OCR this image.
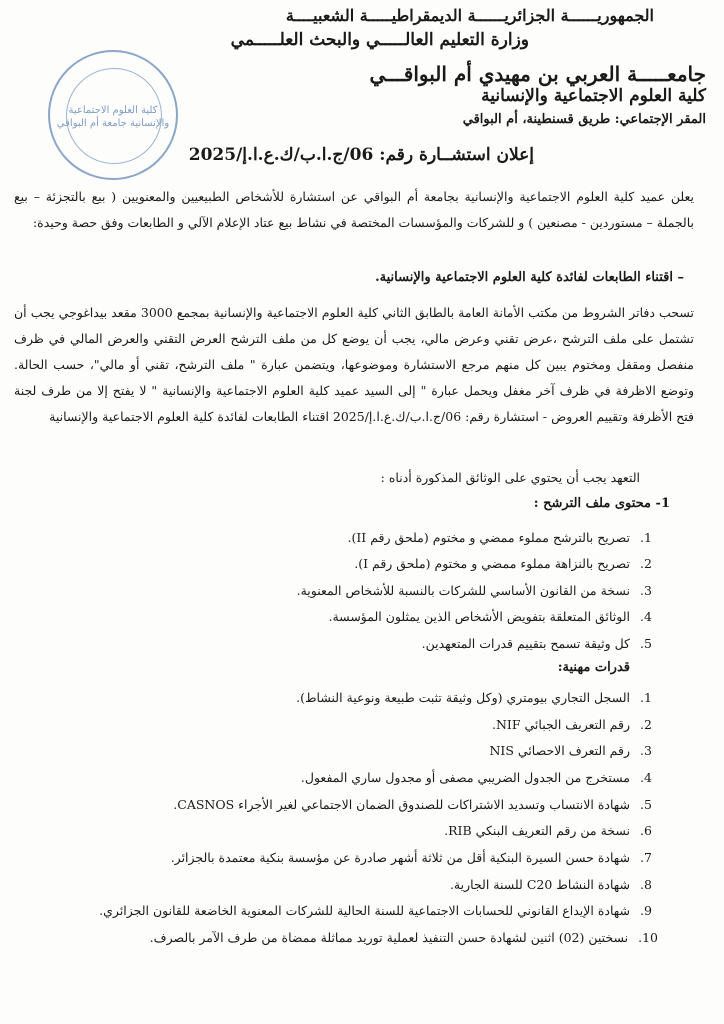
الجمهوريــــــة الجزائريــــــة الديمقراطيـــــة الشعبيــــة
وزارة التعليم العالـــــي والبحث العلـــــمي
جامعـــــة العربي بن مهيدي أم البواقـــي
كلية العلوم الاجتماعية والإنسانية
المقر الإجتماعي: طريق قسنطينة، أم البواقي
كلية العلوم الاجتماعية والإنسانية جامعة أم البواقي
إعلان استشــارة رقم: 06/ج.ا.ب/ك.ع.ا.إ/2025
يعلن عميد كلية العلوم الاجتماعية والإنسانية بجامعة أم البواقي عن استشارة للأشخاص الطبيعيين والمعنويين ( بيع بالتجزئة – بيع بالجملة – مستوردين - مصنعين ) و للشركات والمؤسسات المختصة في نشاط بيع عتاد الإعلام الآلي و الطابعات وفق حصة وحيدة:
– اقتناء الطابعات لفائدة كلية العلوم الاجتماعية والإنسانية.
تسحب دفاتر الشروط من مكتب الأمانة العامة بالطابق الثاني كلية العلوم الاجتماعية والإنسانية بمجمع 3000 مقعد بيداغوجي يجب أن تشتمل على ملف الترشح ،عرض تقني وعرض مالي، يجب أن يوضع كل من ملف الترشح العرض التقني والعرض المالي في ظرف منفصل ومقفل ومختوم يبين كل منهم مرجع الاستشارة وموضوعها، ويتضمن عبارة " ملف الترشح، تقني أو مالي"، حسب الحالة. وتوضع الاظرفة في ظرف آخر مغفل ويحمل عبارة " إلى السيد عميد كلية العلوم الاجتماعية والإنسانية " لا يفتح إلا من طرف لجنة فتح الأظرفة وتقييم العروض - استشارة رقم: 06/ج.ا.ب/ك.ع.ا.إ/2025 اقتناء الطابعات لفائدة كلية العلوم الاجتماعية والإنسانية
التعهد يجب أن يحتوي على الوثائق المذكورة أدناه :
1- محتوى ملف الترشح :
1.
تصريح بالترشح مملوء ممضي و مختوم (ملحق رقم II).
2.
تصريح بالنزاهة مملوء ممضي و مختوم (ملحق رقم I).
3.
نسخة من القانون الأساسي للشركات بالنسبة للأشخاص المعنوية.
4.
الوثائق المتعلقة بتفويض الأشخاص الذين يمثلون المؤسسة.
5.
كل وثيقة تسمح بتقييم قدرات المتعهدين.
قدرات مهنية:
1.
السجل التجاري بيومتري (وكل وثيقة تثبت طبيعة ونوعية النشاط).
2.
رقم التعريف الجبائي NIF.
3.
رقم التعرف الاحصائي NIS
4.
مستخرج من الجدول الضريبي مصفى أو مجدول ساري المفعول.
5.
شهادة الانتساب وتسديد الاشتراكات للصندوق الضمان الاجتماعي لغير الأجراء CASNOS.
6.
نسخة من رقم التعريف البنكي RIB.
7.
شهادة حسن السيرة البنكية أقل من ثلاثة أشهر صادرة عن مؤسسة بنكية معتمدة بالجزائر.
8.
شهادة النشاط C20 للسنة الجارية.
9.
شهادة الإيداع القانوني للحسابات الاجتماعية للسنة الحالية للشركات المعنوية الخاضعة للقانون الجزائري.
10.
نسختين (02) اثنين لشهادة حسن التنفيذ لعملية توريد مماثلة ممضاة من طرف الآمر بالصرف.
